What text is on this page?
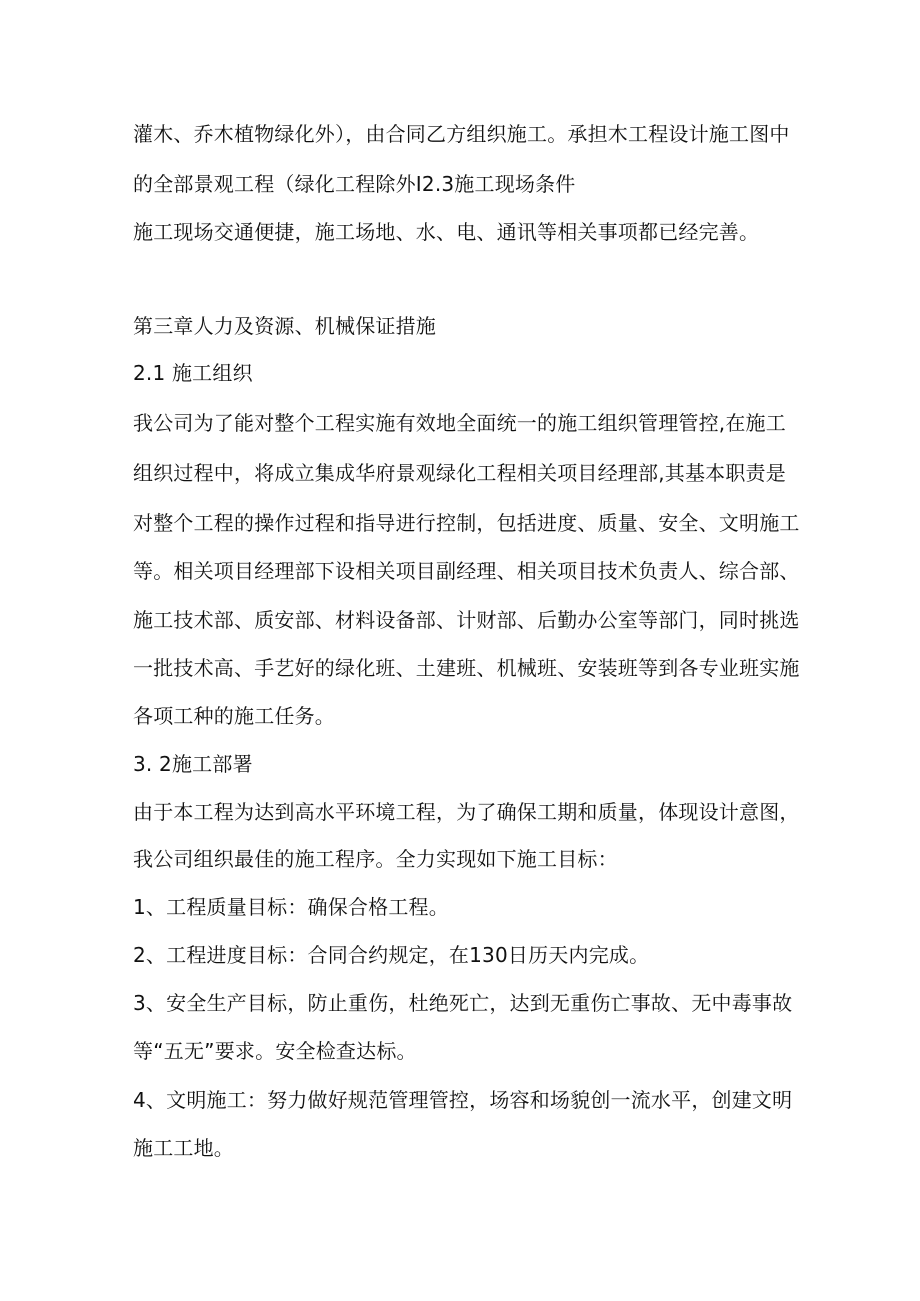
灌木、乔木植物绿化外），由合同乙方组织施工。承担木工程设计施工图中
的全部景观工程（绿化工程除外I2.3施工现场条件
施工现场交通便捷，施工场地、水、电、通讯等相关事项都已经完善。
第三章人力及资源、机械保证措施
2.1 施工组织
我公司为了能对整个工程实施有效地全面统一的施工组织管理管控,在施工
组织过程中，将成立集成华府景观绿化工程相关项目经理部,其基本职责是
对整个工程的操作过程和指导进行控制，包括进度、质量、安全、文明施工
等。相关项目经理部下设相关项目副经理、相关项目技术负责人、综合部、
施工技术部、质安部、材料设备部、计财部、后勤办公室等部门，同时挑选
一批技术高、手艺好的绿化班、土建班、机械班、安装班等到各专业班实施
各项工种的施工任务。
3. 2施工部署
由于本工程为达到高水平环境工程，为了确保工期和质量，体现设计意图，
我公司组织最佳的施工程序。全力实现如下施工目标：
1、工程质量目标：确保合格工程。
2、工程进度目标：合同合约规定，在130日历天内完成。
3、安全生产目标，防止重伤，杜绝死亡，达到无重伤亡事故、无中毒事故
等“五无”要求。安全检查达标。
4、文明施工：努力做好规范管理管控，场容和场貌创一流水平，创建文明
施工工地。
